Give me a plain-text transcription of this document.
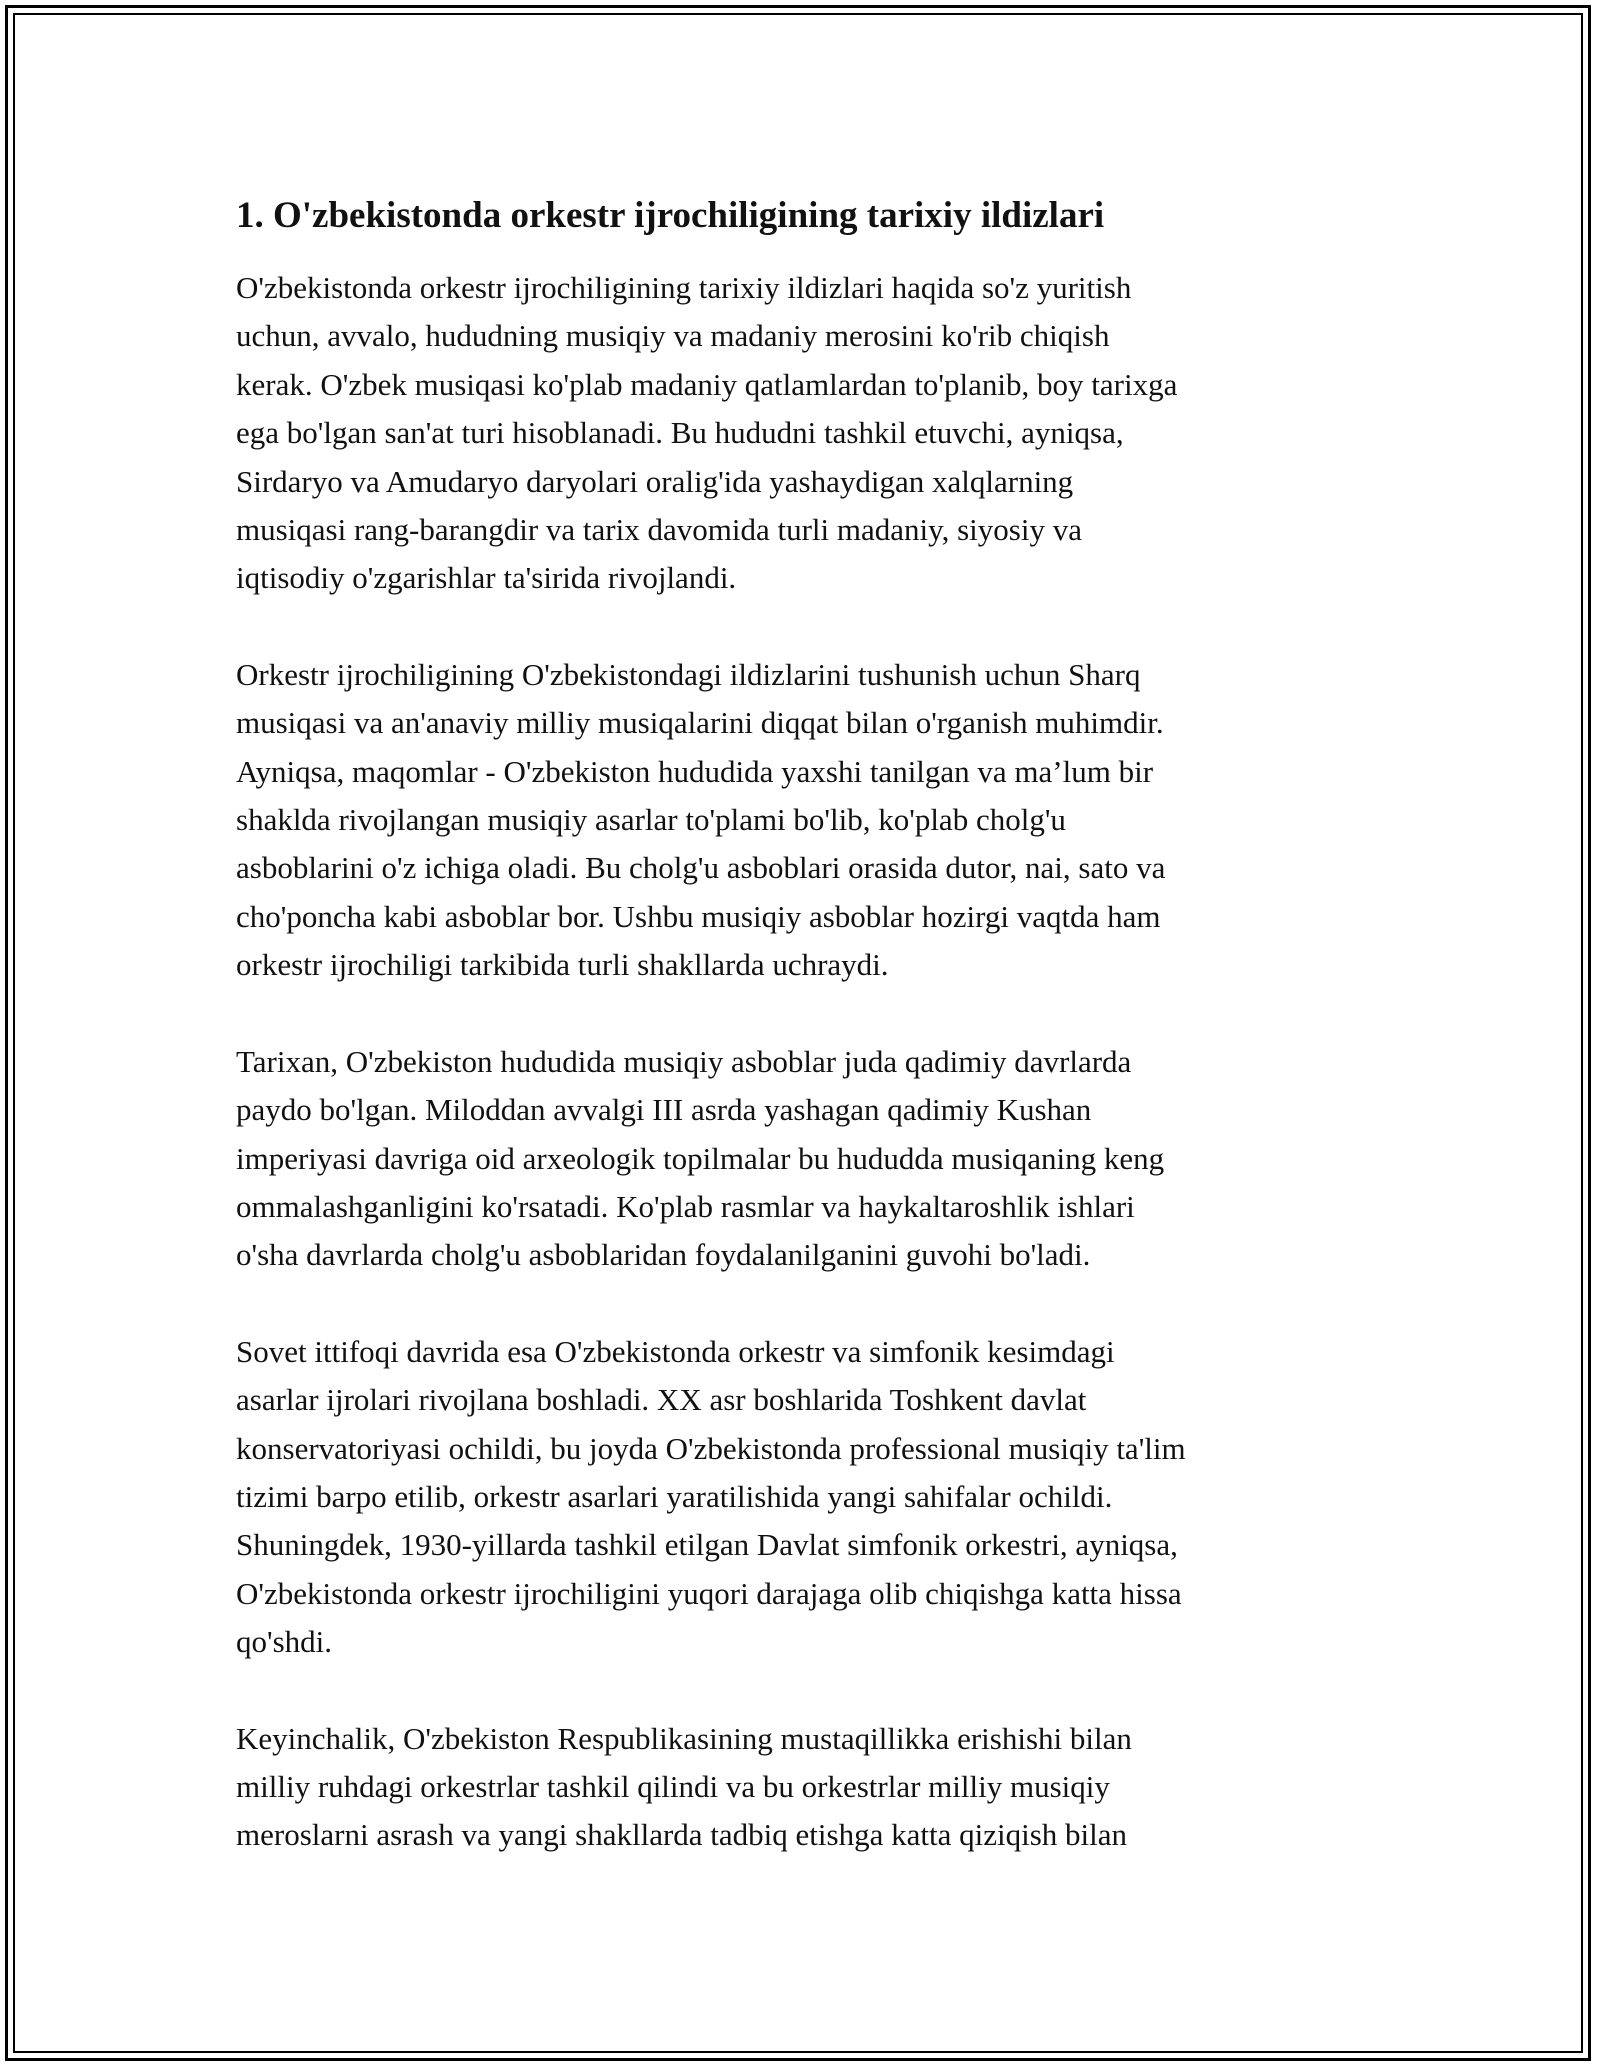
1. O'zbekistonda orkestr ijrochiligining tarixiy ildizlari

O'zbekistonda orkestr ijrochiligining tarixiy ildizlari haqida so'z yuritish
uchun, avvalo, hududning musiqiy va madaniy merosini ko'rib chiqish
kerak. O'zbek musiqasi ko'plab madaniy qatlamlardan to'planib, boy tarixga
ega bo'lgan san'at turi hisoblanadi. Bu hududni tashkil etuvchi, ayniqsa,
Sirdaryo va Amudaryo daryolari oralig'ida yashaydigan xalqlarning
musiqasi rang-barangdir va tarix davomida turli madaniy, siyosiy va
iqtisodiy o'zgarishlar ta'sirida rivojlandi.

Orkestr ijrochiligining O'zbekistondagi ildizlarini tushunish uchun Sharq
musiqasi va an'anaviy milliy musiqalarini diqqat bilan o'rganish muhimdir.
Ayniqsa, maqomlar - O'zbekiston hududida yaxshi tanilgan va ma’lum bir
shaklda rivojlangan musiqiy asarlar to'plami bo'lib, ko'plab cholg'u
asboblarini o'z ichiga oladi. Bu cholg'u asboblari orasida dutor, nai, sato va
cho'poncha kabi asboblar bor. Ushbu musiqiy asboblar hozirgi vaqtda ham
orkestr ijrochiligi tarkibida turli shakllarda uchraydi.

Tarixan, O'zbekiston hududida musiqiy asboblar juda qadimiy davrlarda
paydo bo'lgan. Miloddan avvalgi III asrda yashagan qadimiy Kushan
imperiyasi davriga oid arxeologik topilmalar bu hududda musiqaning keng
ommalashganligini ko'rsatadi. Ko'plab rasmlar va haykaltaroshlik ishlari
o'sha davrlarda cholg'u asboblaridan foydalanilganini guvohi bo'ladi.

Sovet ittifoqi davrida esa O'zbekistonda orkestr va simfonik kesimdagi
asarlar ijrolari rivojlana boshladi. XX asr boshlarida Toshkent davlat
konservatoriyasi ochildi, bu joyda O'zbekistonda professional musiqiy ta'lim
tizimi barpo etilib, orkestr asarlari yaratilishida yangi sahifalar ochildi.
Shuningdek, 1930-yillarda tashkil etilgan Davlat simfonik orkestri, ayniqsa,
O'zbekistonda orkestr ijrochiligini yuqori darajaga olib chiqishga katta hissa
qo'shdi.

Keyinchalik, O'zbekiston Respublikasining mustaqillikka erishishi bilan
milliy ruhdagi orkestrlar tashkil qilindi va bu orkestrlar milliy musiqiy
meroslarni asrash va yangi shakllarda tadbiq etishga katta qiziqish bilan
